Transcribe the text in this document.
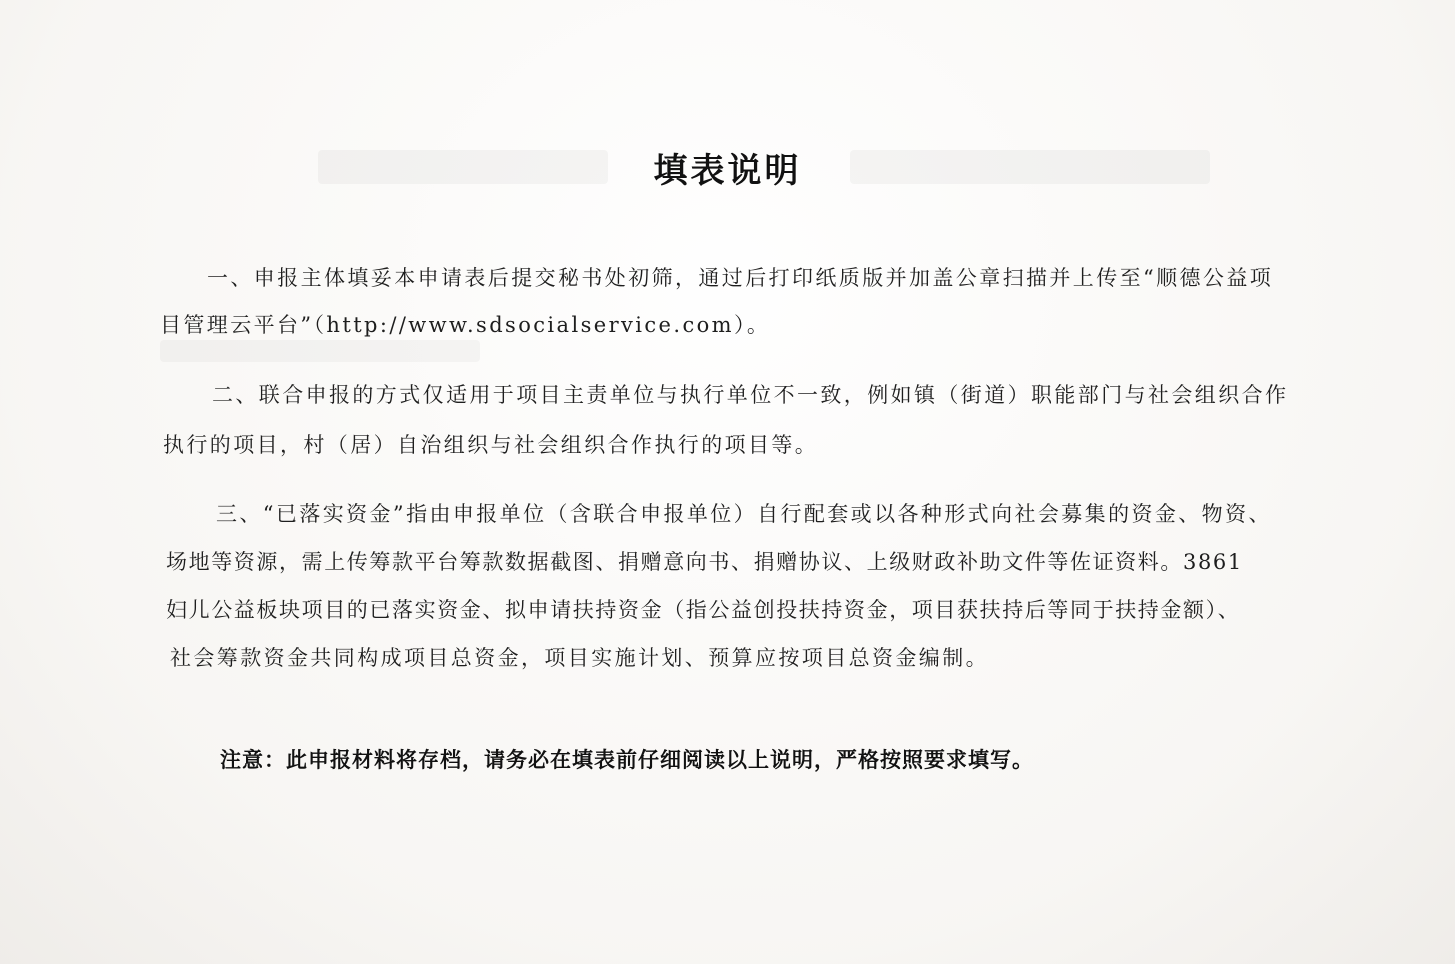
填表说明
一、申报主体填妥本申请表后提交秘书处初筛，通过后打印纸质版并加盖公章扫描并上传至“顺德公益项
目管理云平台”（http://www.sdsocialservice.com）。
二、联合申报的方式仅适用于项目主责单位与执行单位不一致，例如镇（街道）职能部门与社会组织合作
执行的项目，村（居）自治组织与社会组织合作执行的项目等。
三、“已落实资金”指由申报单位（含联合申报单位）自行配套或以各种形式向社会募集的资金、物资、
场地等资源，需上传筹款平台筹款数据截图、捐赠意向书、捐赠协议、上级财政补助文件等佐证资料。3861
妇儿公益板块项目的已落实资金、拟申请扶持资金（指公益创投扶持资金，项目获扶持后等同于扶持金额）、
社会筹款资金共同构成项目总资金，项目实施计划、预算应按项目总资金编制。
注意：此申报材料将存档，请务必在填表前仔细阅读以上说明，严格按照要求填写。
